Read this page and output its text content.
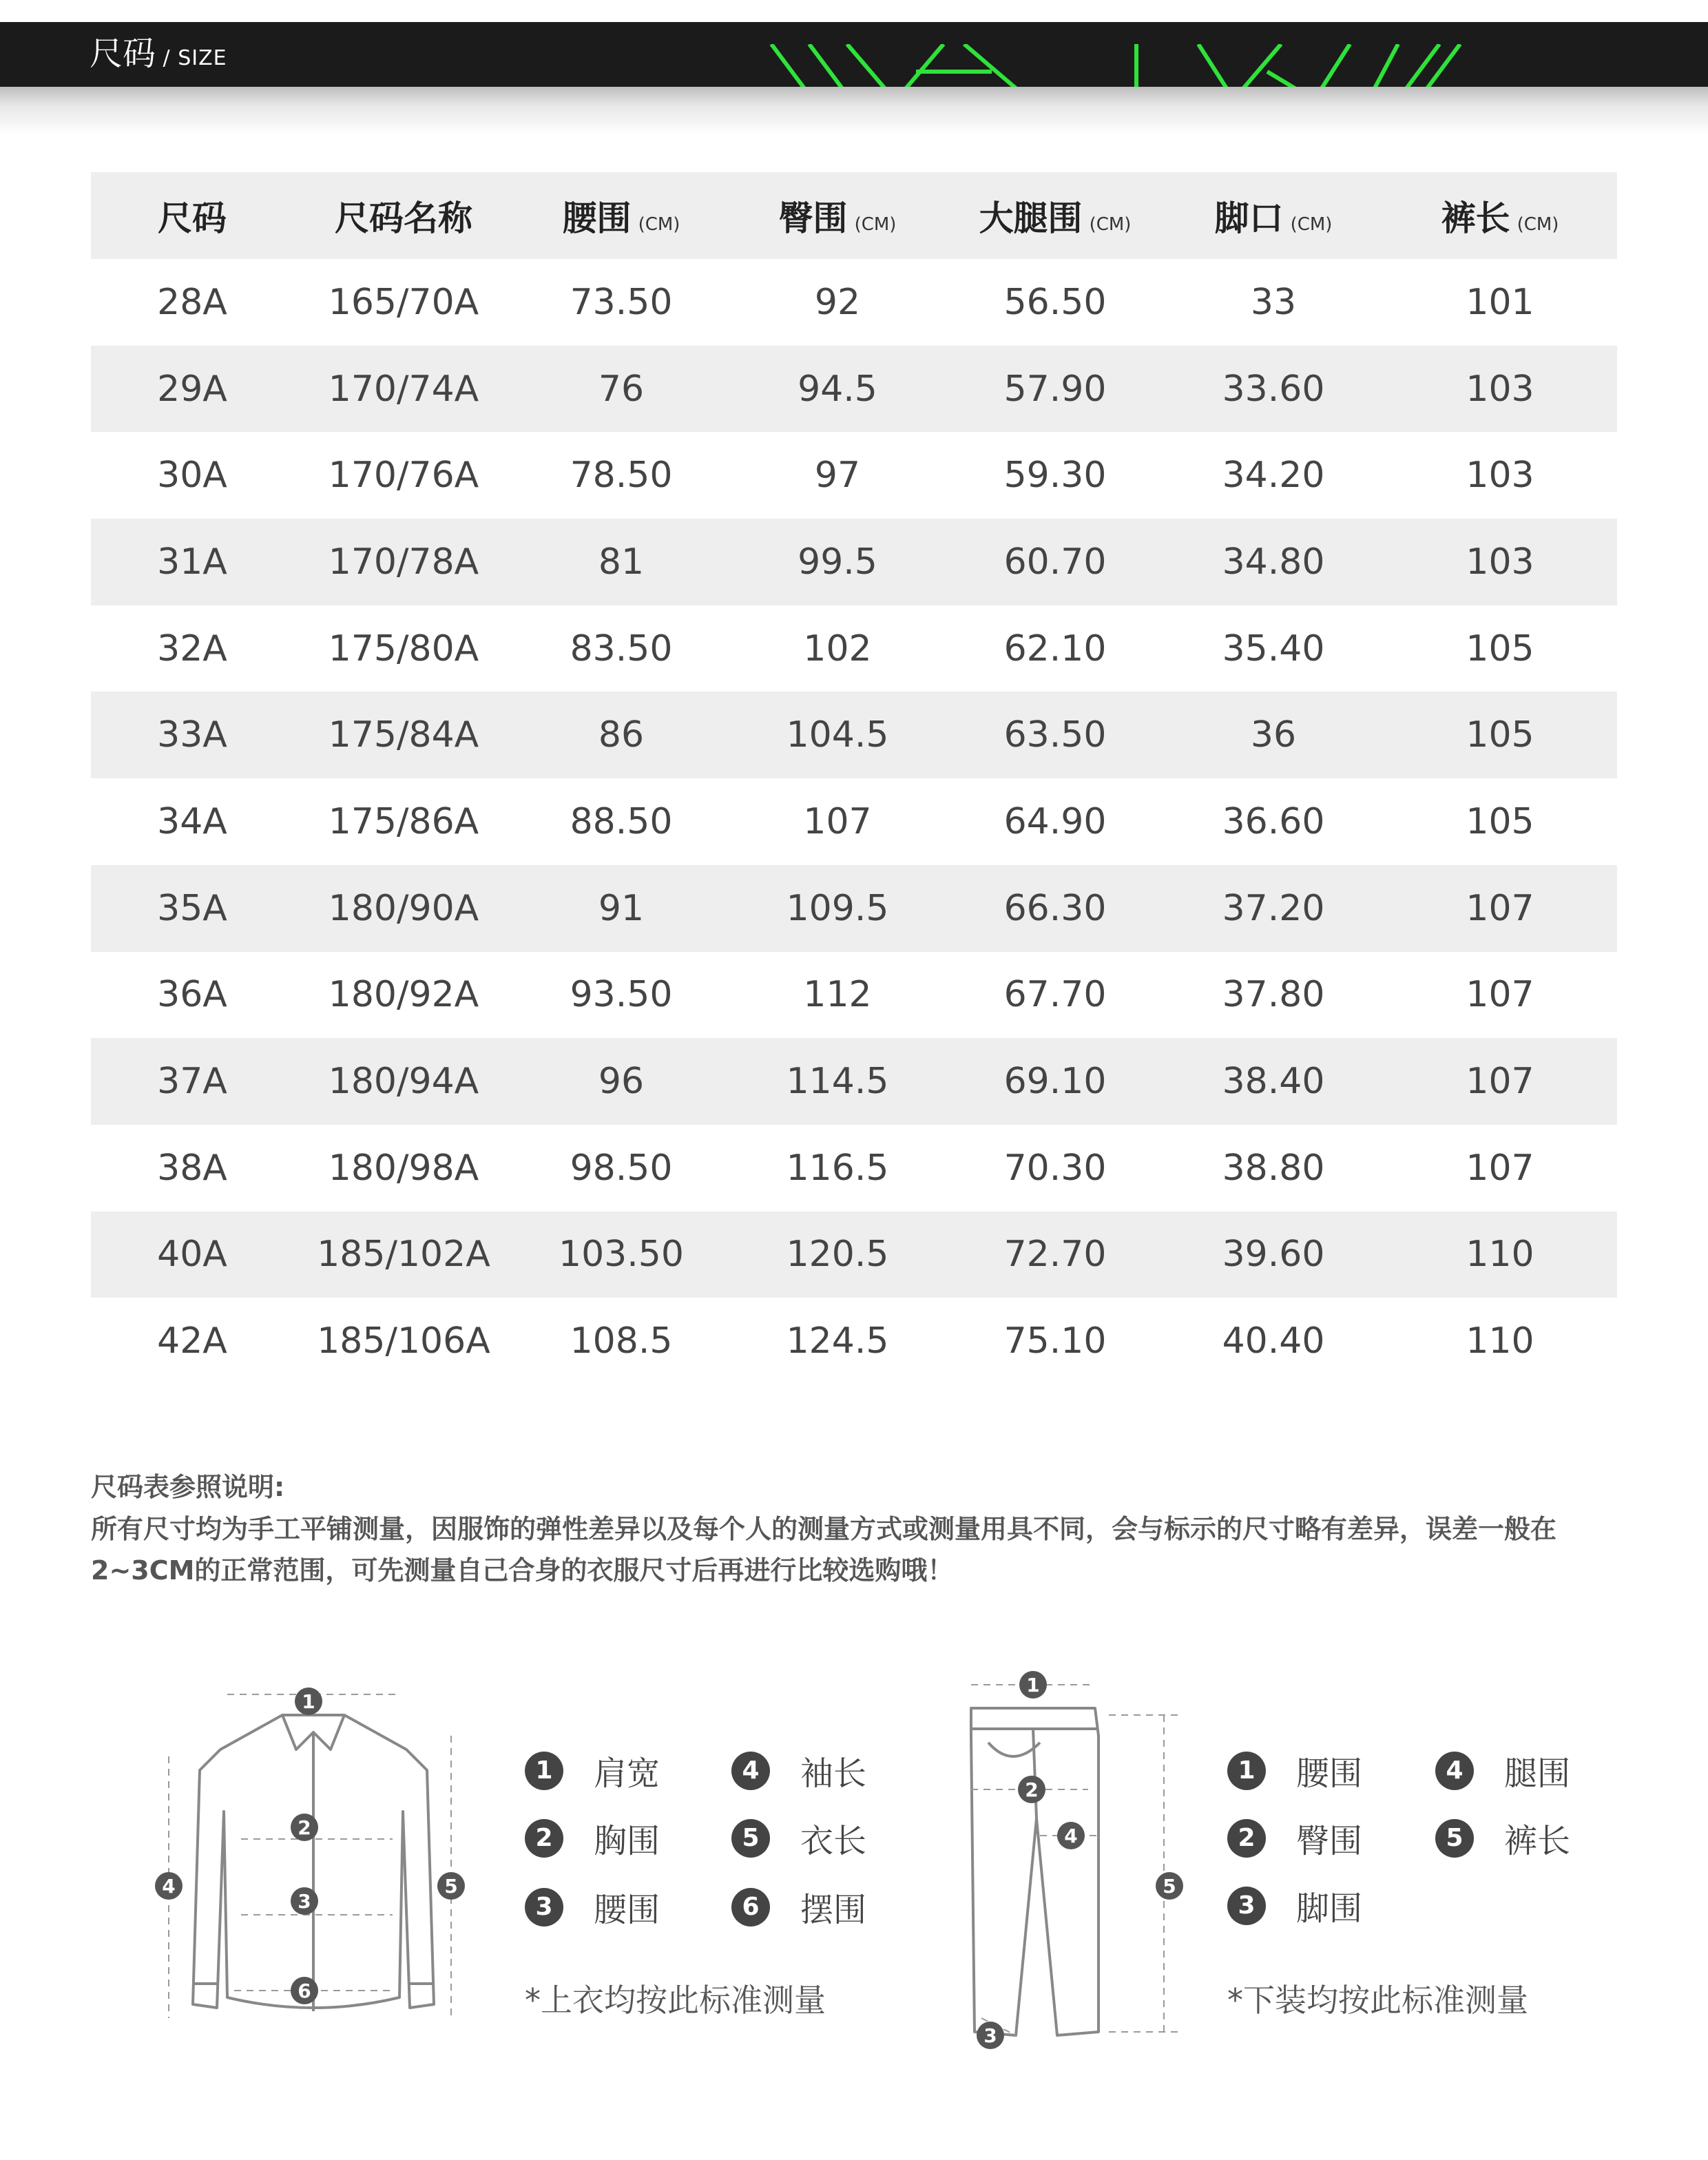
尺码 / SIZE
尺码	尺码名称	腰围 (CM)	臀围 (CM)	大腿围 (CM)	脚口 (CM)	裤长 (CM)
28A	165/70A	73.50	92	56.50	33	101
29A	170/74A	76	94.5	57.90	33.60	103
30A	170/76A	78.50	97	59.30	34.20	103
31A	170/78A	81	99.5	60.70	34.80	103
32A	175/80A	83.50	102	62.10	35.40	105
33A	175/84A	86	104.5	63.50	36	105
34A	175/86A	88.50	107	64.90	36.60	105
35A	180/90A	91	109.5	66.30	37.20	107
36A	180/92A	93.50	112	67.70	37.80	107
37A	180/94A	96	114.5	69.10	38.40	107
38A	180/98A	98.50	116.5	70.30	38.80	107
40A	185/102A	103.50	120.5	72.70	39.60	110
42A	185/106A	108.5	124.5	75.10	40.40	110
尺码表参照说明:
所有尺寸均为手工平铺测量，因服饰的弹性差异以及每个人的测量方式或测量用具不同，会与标示的尺寸略有差异，误差一般在2~3CM的正常范围，可先测量自己合身的衣服尺寸后再进行比较选购哦！
1
2
3
4	5
6
1	肩宽	4	袖长
2	胸围	5	衣长
3	腰围	6	摆围
*上衣均按此标准测量
1
2
3
4
5
1	腰围	4	腿围
2	臀围	5	裤长
3	脚围
*下装均按此标准测量
